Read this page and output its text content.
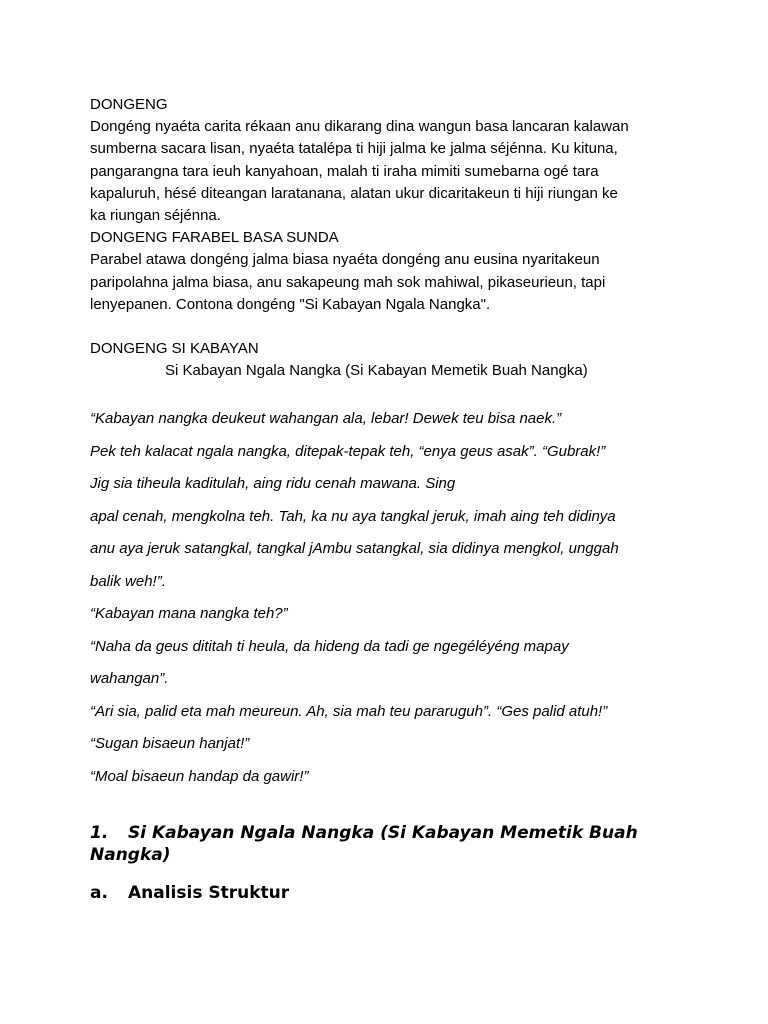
DONGENG

Dongéng nyaéta carita rékaan anu dikarang dina wangun basa lancaran kalawan

sumberna sacara lisan, nyaéta tatalépa ti hiji jalma ke jalma séjénna. Ku kituna,

pangarangna tara ieuh kanyahoan, malah ti iraha mimiti sumebarna ogé tara

kapaluruh, hésé diteangan laratanana, alatan ukur dicaritakeun ti hiji riungan ke

ka riungan séjénna.

DONGENG FARABEL BASA SUNDA

Parabel atawa dongéng jalma biasa nyaéta dongéng anu eusina nyaritakeun

paripolahna jalma biasa, anu sakapeung mah sok mahiwal, pikaseurieun, tapi

lenyepanen. Contona dongéng "Si Kabayan Ngala Nangka".

DONGENG SI KABAYAN

Si Kabayan Ngala Nangka (Si Kabayan Memetik Buah Nangka)

“Kabayan nangka deukeut wahangan ala, lebar! Dewek teu bisa naek.”

Pek teh kalacat ngala nangka, ditepak-tepak teh, “enya geus asak”. “Gubrak!”

Jig sia tiheula kaditulah, aing ridu cenah mawana. Sing

apal cenah, mengkolna teh. Tah, ka nu aya tangkal jeruk, imah aing teh didinya

anu aya jeruk satangkal, tangkal jAmbu satangkal, sia didinya mengkol, unggah

balik weh!”.

“Kabayan mana nangka teh?”

“Naha da geus dititah ti heula, da hideng da tadi ge ngegéléyéng mapay

wahangan”.

“Ari sia, palid eta mah meureun. Ah, sia mah teu pararuguh”. “Ges palid atuh!”

“Sugan bisaeun hanjat!”

“Moal bisaeun handap da gawir!”

1. Si Kabayan Ngala Nangka (Si Kabayan Memetik Buah Nangka)
a. Analisis Struktur
